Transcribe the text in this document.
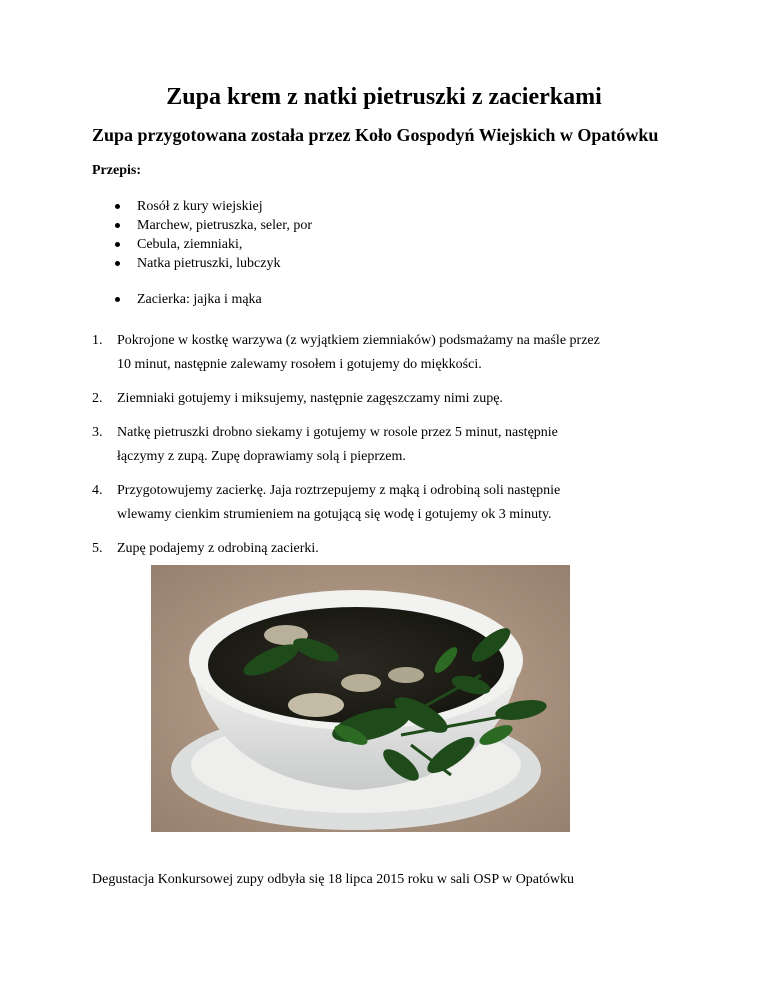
Zupa krem z natki pietruszki z zacierkami
Zupa przygotowana została przez Koło Gospodyń Wiejskich w Opatówku

Przepis:

Rosół z kury wiejskiej
Marchew, pietruszka, seler, por
Cebula, ziemniaki,
Natka pietruszki, lubczyk
Zacierka: jajka i mąka
1. Pokrojone w kostkę warzywa (z wyjątkiem ziemniaków) podsmażamy na maśle przez
10 minut, następnie zalewamy rosołem i gotujemy do miękkości.
2. Ziemniaki gotujemy i miksujemy, następnie zagęszczamy nimi zupę.
3. Natkę pietruszki drobno siekamy i gotujemy w rosole przez 5 minut, następnie
łączymy z zupą. Zupę doprawiamy solą i pieprzem.
4. Przygotowujemy zacierkę. Jaja roztrzepujemy z mąką i odrobiną soli następnie
wlewamy cienkim strumieniem na gotującą się wodę i gotujemy ok 3 minuty.
5. Zupę podajemy z odrobiną zacierki.

Degustacja Konkursowej zupy odbyła się 18 lipca 2015 roku w sali OSP w Opatówku
